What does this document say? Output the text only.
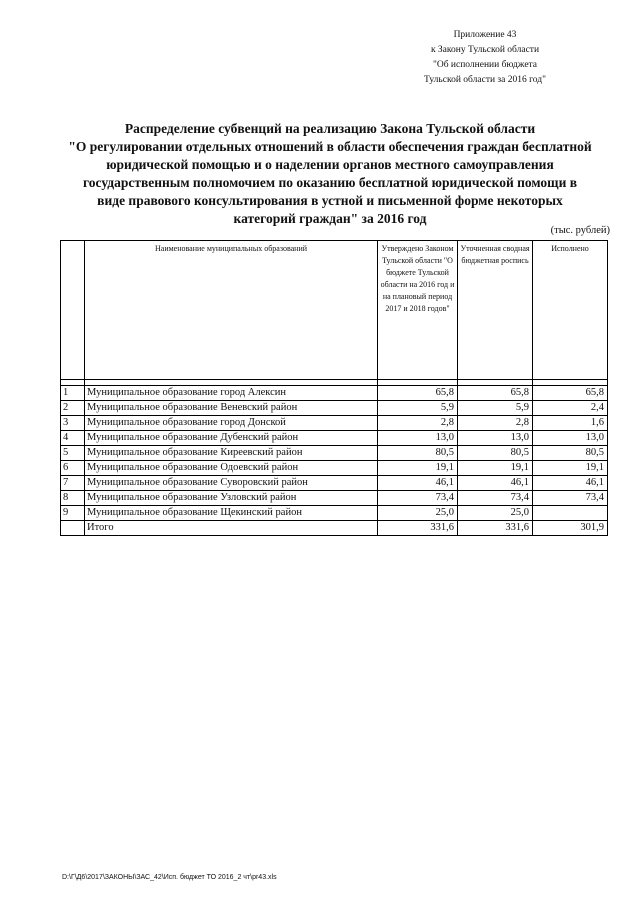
Приложение 43
к Закону Тульской области
"Об исполнении бюджета
Тульской области за 2016 год"
Распределение субвенций на реализацию Закона Тульской области
"О регулировании отдельных отношений в области обеспечения граждан бесплатной
юридической помощью и о наделении органов местного самоуправления
государственным полномочием по оказанию бесплатной юридической помощи в
виде правового консультирования в устной и письменной форме некоторых
категорий граждан" за 2016 год
(тыс. рублей)
	Наименование муниципальных образований	Утверждено Законом Тульской области "О бюджете Тульской области на 2016 год и на плановый период 2017 и 2018 годов"	Уточненная сводная бюджетная роспись	Исполнено

1	Муниципальное образование город Алексин	65,8	65,8	65,8
2	Муниципальное образование Веневский район	5,9	5,9	2,4
3	Муниципальное образование город Донской	2,8	2,8	1,6
4	Муниципальное образование Дубенский район	13,0	13,0	13,0
5	Муниципальное образование Киреевский район	80,5	80,5	80,5
6	Муниципальное образование Одоевский район	19,1	19,1	19,1
7	Муниципальное образование Суворовский район	46,1	46,1	46,1
8	Муниципальное образование Узловский район	73,4	73,4	73,4
9	Муниципальное образование Щекинский район	25,0	25,0	
	Итого	331,6	331,6	301,9
D:\Г\Д6\2017\ЗАКОНЫ\ЗАС_42\Исп. бюджет ТО 2016_2 чт\pr43.xls
